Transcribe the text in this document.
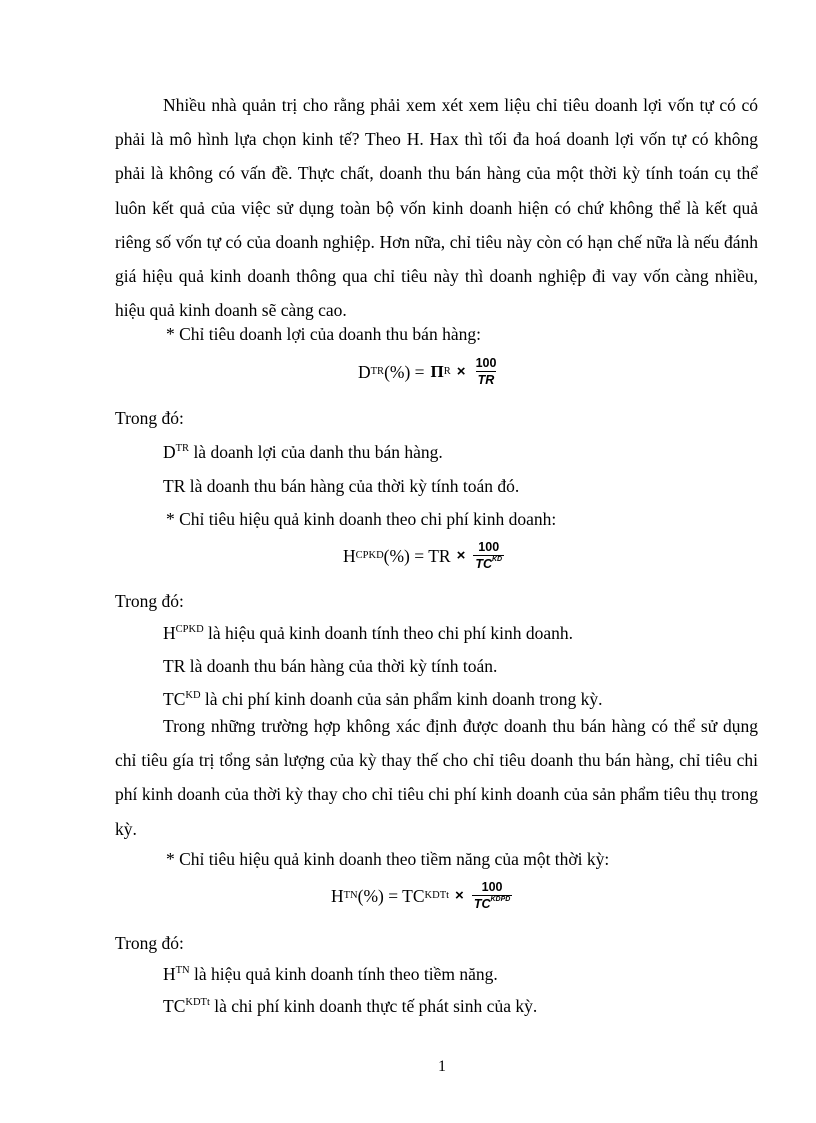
Nhiều nhà quản trị cho rằng phải xem xét xem liệu chỉ tiêu doanh lợi vốn tự có có phải là mô hình lựa chọn kinh tế? Theo H. Hax thì tối đa hoá doanh lợi vốn tự có không phải là không có vấn đề. Thực chất, doanh thu bán hàng của một thời kỳ tính toán cụ thể luôn kết quả của việc sử dụng toàn bộ vốn kinh doanh hiện có chứ không thể là kết quả riêng số vốn tự có của doanh nghiệp. Hơn nữa, chỉ tiêu này còn có hạn chế nữa là nếu đánh giá hiệu quả kinh doanh thông qua chỉ tiêu này thì doanh nghiệp đi vay vốn càng nhiều, hiệu quả kinh doanh sẽ càng cao.

* Chỉ tiêu doanh lợi của doanh thu bán hàng:

D TR (%) = Π $R \times \frac{100}{TR}$

Trong đó:

$D^{TR}$ là doanh lợi của danh thu bán hàng.

TR là doanh thu bán hàng của thời kỳ tính toán đó.

* Chỉ tiêu hiệu quả kinh doanh theo chi phí kinh doanh:

H CPKD (%) = TR × $\frac{100}{TC^{KD}}$

Trong đó:

$H^{CPKD}$ là hiệu quả kinh doanh tính theo chi phí kinh doanh.

TR là doanh thu bán hàng của thời kỳ tính toán.

$TC^{KD}$ là chi phí kinh doanh của sản phẩm kinh doanh trong kỳ.

Trong những trường hợp không xác định được doanh thu bán hàng có thể sử dụng chỉ tiêu gía trị tổng sản lượng của kỳ thay thế cho chỉ tiêu doanh thu bán hàng, chỉ tiêu chi phí kinh doanh của thời kỳ thay cho chỉ tiêu chi phí kinh doanh của sản phẩm tiêu thụ trong kỳ.

* Chỉ tiêu hiệu quả kinh doanh theo tiềm năng của một thời kỳ:

H TN (%) = TC KDTt × $\frac{100}{TC^{KDPD}}$

Trong đó:

$H^{TN}$ là hiệu quả kinh doanh tính theo tiềm năng.

$TC^{KDTt}$ là chi phí kinh doanh thực tế phát sinh của kỳ.

1
